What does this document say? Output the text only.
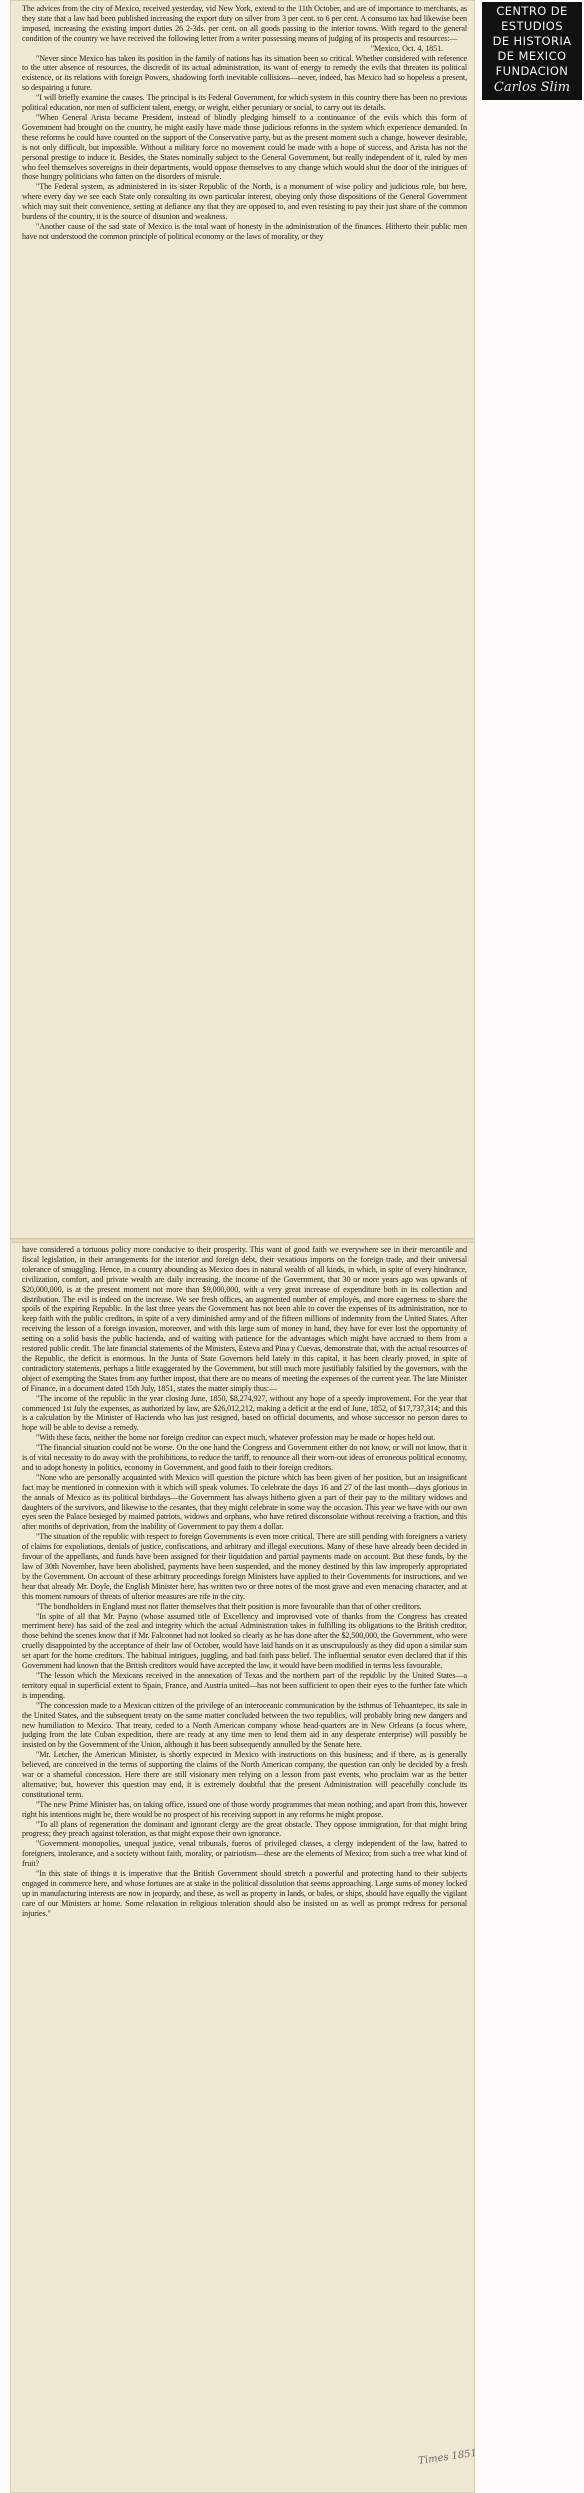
The advices from the city of Mexico, received yesterday, vid New York, extend to the 11th October, and are of importance to merchants, as they state that a law had been published increasing the export duty on silver from 3 per cent. to 6 per cent. A consumo tax had likewise been imposed, increasing the existing import duties 26 2-3ds. per cent. on all goods passing to the interior towns. With regard to the general condition of the country we have received the following letter from a writer possessing means of judging of its prospects and resources:—

"Mexico, Oct. 4, 1851.

"Never since Mexico has taken its position in the family of nations has its situation been so critical. Whether considered with reference to the utter absence of resources, the discredit of its actual administration, its want of energy to remedy the evils that threaten its political existence, or its relations with foreign Powers, shadowing forth inevitable collisions—never, indeed, has Mexico had so hopeless a present, so despairing a future.

"I will briefly examine the causes. The principal is its Federal Government, for which system in this country there has been no previous political education, nor men of sufficient talent, energy, or weight, either pecuniary or social, to carry out its details.

"When General Arista became President, instead of blindly pledging himself to a continuance of the evils which this form of Government had brought on the country, he might easily have made those judicious reforms in the system which experience demanded. In these reforms he could have counted on the support of the Conservative party, but as the present moment such a change, however desirable, is not only difficult, but impossible. Without a military force no movement could be made with a hope of success, and Arista has not the personal prestige to induce it. Besides, the States nominally subject to the General Government, but really independent of it, ruled by men who feel themselves sovereigns in their departments, would oppose themselves to any change which would shut the door of the intrigues of those hungry politicians who fatten on the disorders of misrule.

"The Federal system, as administered in its sister Republic of the North, is a monument of wise policy and judicious rule, but here, where every day we see each State only consulting its own particular interest, obeying only those dispositions of the General Government which may suit their convenience, setting at defiance any that they are opposed to, and even resisting to pay their just share of the common burdens of the country, it is the source of disunion and weakness.

"Another cause of the sad state of Mexico is the total want of honesty in the administration of the finances. Hitherto their public men have not understood the common principle of political economy or the laws of morality, or they

have considered a tortuous policy more conducive to their prosperity. This want of good faith we everywhere see in their mercantile and fiscal legislation, in their arrangements for the interior and foreign debt, their vexatious imports on the foreign trade, and their universal tolerance of smuggling. Hence, in a country abounding as Mexico does in natural wealth of all kinds, in which, in spite of every hindrance, civilization, comfort, and private wealth are daily increasing, the income of the Government, that 30 or more years ago was upwards of $20,000,000, is at the present moment not more than $9,000,000, with a very great increase of expenditure both in its collection and distribution. The evil is indeed on the increase. We see fresh offices, an augmented number of employés, and more eagerness to share the spoils of the expiring Republic. In the last three years the Government has not been able to cover the expenses of its administration, nor to keep faith with the public creditors, in spite of a very diminished army and of the fifteen millions of indemnity from the United States. After receiving the lesson of a foreign invasion, moreover, and with this large sum of money in hand, they have for ever lost the opportunity of setting on a solid basis the public hacienda, and of waiting with patience for the advantages which might have accrued to them from a restored public credit. The late financial statements of the Ministers, Esteva and Pina y Cuevas, demonstrate that, with the actual resources of the Republic, the deficit is enormous. In the Junta of State Governors held lately in this capital, it has been clearly proved, in spite of contradictory statements, perhaps a little exaggerated by the Government, but still much more justifiably falsified by the governors, with the object of exempting the States from any further impost, that there are no means of meeting the expenses of the current year. The late Minister of Finance, in a document dated 15th July, 1851, states the matter simply thus:—

"The income of the republic in the year closing June, 1850, $8,274,927, without any hope of a speedy improvement. For the year that commenced 1st July the expenses, as authorized by law, are $26,012,212, making a deficit at the end of June, 1852, of $17,737,314; and this is a calculation by the Minister of Hacienda who has just resigned, based on official documents, and whose successor no person dares to hope will be able to devise a remedy.

"With these facts, neither the home nor foreign creditor can expect much, whatever profession may be made or hopes held out.

"The financial situation could not be worse. On the one hand the Congress and Government either do not know, or will not know, that it is of vital necessity to do away with the prohibitions, to reduce the tariff, to renounce all their worn-out ideas of erroneous political economy, and to adopt honesty in politics, economy in Government, and good faith to their foreign creditors.

"None who are personally acquainted with Mexico will question the picture which has been given of her position, but an insignificant fact may be mentioned in connexion with it which will speak volumes. To celebrate the days 16 and 27 of the last month—days glorious in the annals of Mexico as its political birthdays—the Government has always hitherto given a part of their pay to the military widows and daughters of the survivors, and likewise to the cesantes, that they might celebrate in some way the occasion. This year we have with our own eyes seen the Palace besieged by maimed patriots, widows and orphans, who have retired disconsolate without receiving a fraction, and this after months of deprivation, from the inability of Government to pay them a dollar.

"The situation of the republic with respect to foreign Governments is even more critical. There are still pending with foreigners a variety of claims for expoliations, denials of justice, confiscations, and arbitrary and illegal executions. Many of these have already been decided in favour of the appellants, and funds have been assigned for their liquidation and partial payments made on account. But these funds, by the law of 30th November, have been abolished, payments have been suspended, and the money destined by this law improperly appropriated by the Government. On account of these arbitrary proceedings foreign Ministers have applied to their Governments for instructions, and we hear that already Mr. Doyle, the English Minister here, has written two or three notes of the most grave and even menacing character, and at this moment rumours of threats of ulterior measures are rife in the city.

"The bondholders in England must not flatter themselves that their position is more favourable than that of other creditors.

"In spite of all that Mr. Payno (whose assumed title of Excellency and improvised vote of thanks from the Congress has created merriment here) has said of the zeal and integrity which the actual Administration takes in fulfilling its obligations to the British creditor, those behind the scenes know that if Mr. Falconnet had not looked so clearly as he has done after the $2,500,000, the Government, who were cruelly disappointed by the acceptance of their law of October, would have laid hands on it as unscrupulously as they did upon a similar sum set apart for the home creditors. The habitual intrigues, juggling, and bad faith pass belief. The influential senator even declared that if this Government had known that the British creditors would have accepted the law, it would have been modified in terms less favourable.

"The lesson which the Mexicans received in the annexation of Texas and the northern part of the republic by the United States—a territory equal in superficial extent to Spain, France, and Austria united—has not been sufficient to open their eyes to the further fate which is impending.

"The concession made to a Mexican citizen of the privilege of an interoceanic communication by the isthmus of Tehuantepec, its sale in the United States, and the subsequent treaty on the same matter concluded between the two republics, will probably bring new dangers and new humiliation to Mexico. That treaty, ceded to a North American company whose head-quarters are in New Orleans (a focus where, judging from the late Cuban expedition, there are ready at any time men to lend them aid in any desperate enterprise) will possibly be insisted on by the Government of the Union, although it has been subsequently annulled by the Senate here.

"Mr. Letcher, the American Minister, is shortly expected in Mexico with instructions on this business; and if there, as is generally believed, are conceived in the terms of supporting the claims of the North American company, the question can only be decided by a fresh war or a shameful concession. Here there are still visionary men relying on a lesson from past events, who proclaim war as the better alternative; but, however this question may end, it is extremely doubtful that the present Administration will peacefully conclude its constitutional term.

"The new Prime Minister has, on taking office, issued one of those wordy programmes that mean nothing; and apart from this, however right his intentions might be, there would be no prospect of his receiving support in any reforms he might propose.

"To all plans of regeneration the dominant and ignorant clergy are the great obstacle. They oppose immigration, for that might bring progress; they preach against toleration, as that might expose their own ignorance.

"Government monopolies, unequal justice, venal tribunals, fueros of privileged classes, a clergy independent of the law, hatred to foreigners, intolerance, and a society without faith, morality, or patriotism—these are the elements of Mexico; from such a tree what kind of fruit?

"In this state of things it is imperative that the British Government should stretch a powerful and protecting hand to their subjects engaged in commerce here, and whose fortunes are at stake in the political dissolution that seems approaching. Large sums of money locked up in manufacturing interests are now in jeopardy, and these, as well as property in lands, or bales, or ships, should have equally the vigilant care of our Ministers at home. Some relaxation in religious toleration should also be insisted on as well as prompt redress for personal injuries."

CENTRO DE
ESTUDIOS
DE HISTORIA
DE MEXICO
FUNDACION
Carlos Slim
Times 1851
